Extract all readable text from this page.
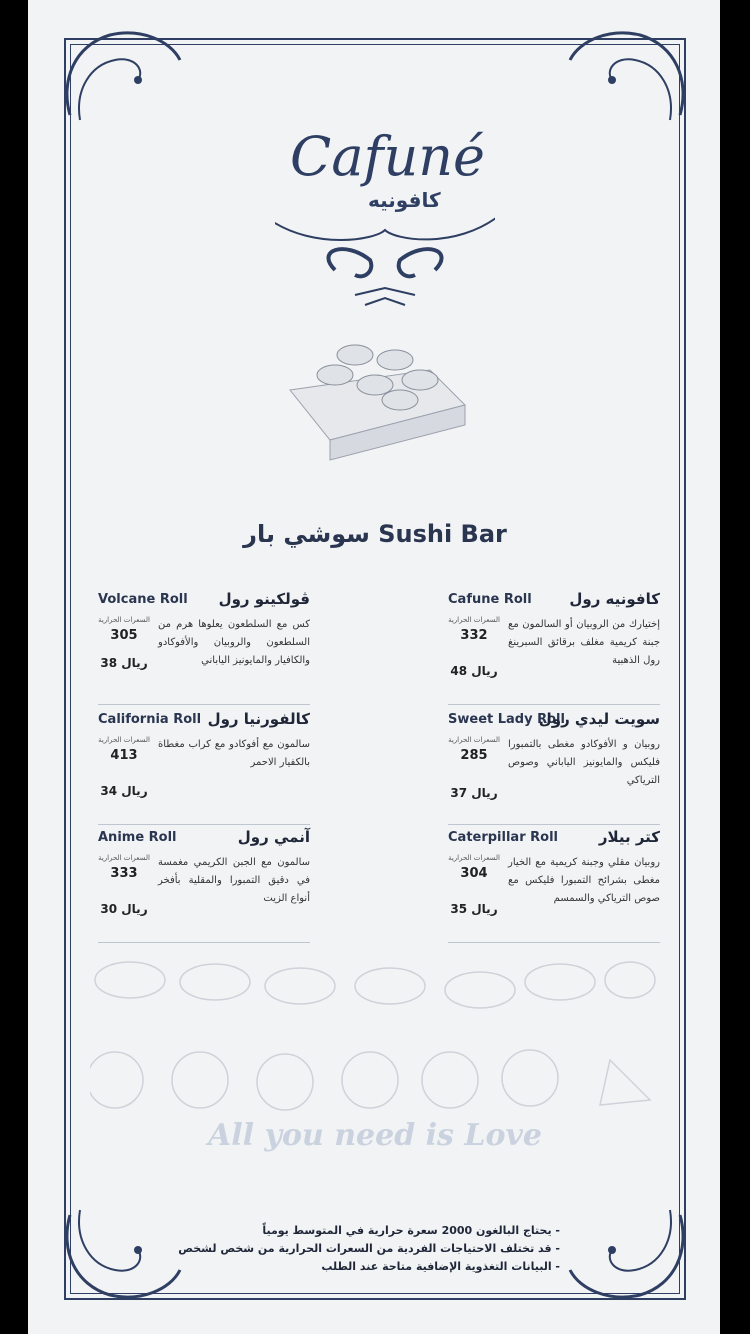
Cafuné
كافونيه
سوشي بار Sushi Bar
Volcane Roll ڤولكينو رول
السعرات الحرارية
305
38 ريال
كس مع السلطعون يعلوها هرم من السلطعون والروبيان والأفوكادو والكافيار والمايونيز الياباني
California Roll كالفورنيا رول
السعرات الحرارية
413
34 ريال
سالمون مع أفوكادو مع كراب مغطاة بالكفيار الاحمر
Anime Roll	آنمي رول
السعرات الحرارية
333
30 ريال
سالمون مع الجبن الكريمي مغمسة في دقيق التمبورا والمقلية بأفخر أنواع الزيت
Cafune Roll	كافونيه رول
السعرات الحرارية
332
48 ريال
إختيارك من الروبيان أو السالمون مع جبنة كريمية مغلف برقائق السبرينغ رول الذهبية
Sweet Lady Roll
سويت ليدي رول
السعرات الحرارية
285
37 ريال
روبيان و الأفوكادو مغطى بالتمبورا فليكس والمايونيز الياباني وصوص الترياكي
Caterpillar Roll	كتر بيلار
السعرات الحرارية
304
35 ريال
روبيان مقلي وجبنة كريمية مع الخيار مغطى بشرائح التمبورا فليكس مع صوص الترياكي والسمسم
All you need is Love
- يحتاج البالغون 2000 سعرة حرارية في المتوسط يومياً
- قد تختلف الاحتياجات الفردية من السعرات الحرارية من شخص لشخص
- البيانات التغذوية الإضافية متاحة عند الطلب
